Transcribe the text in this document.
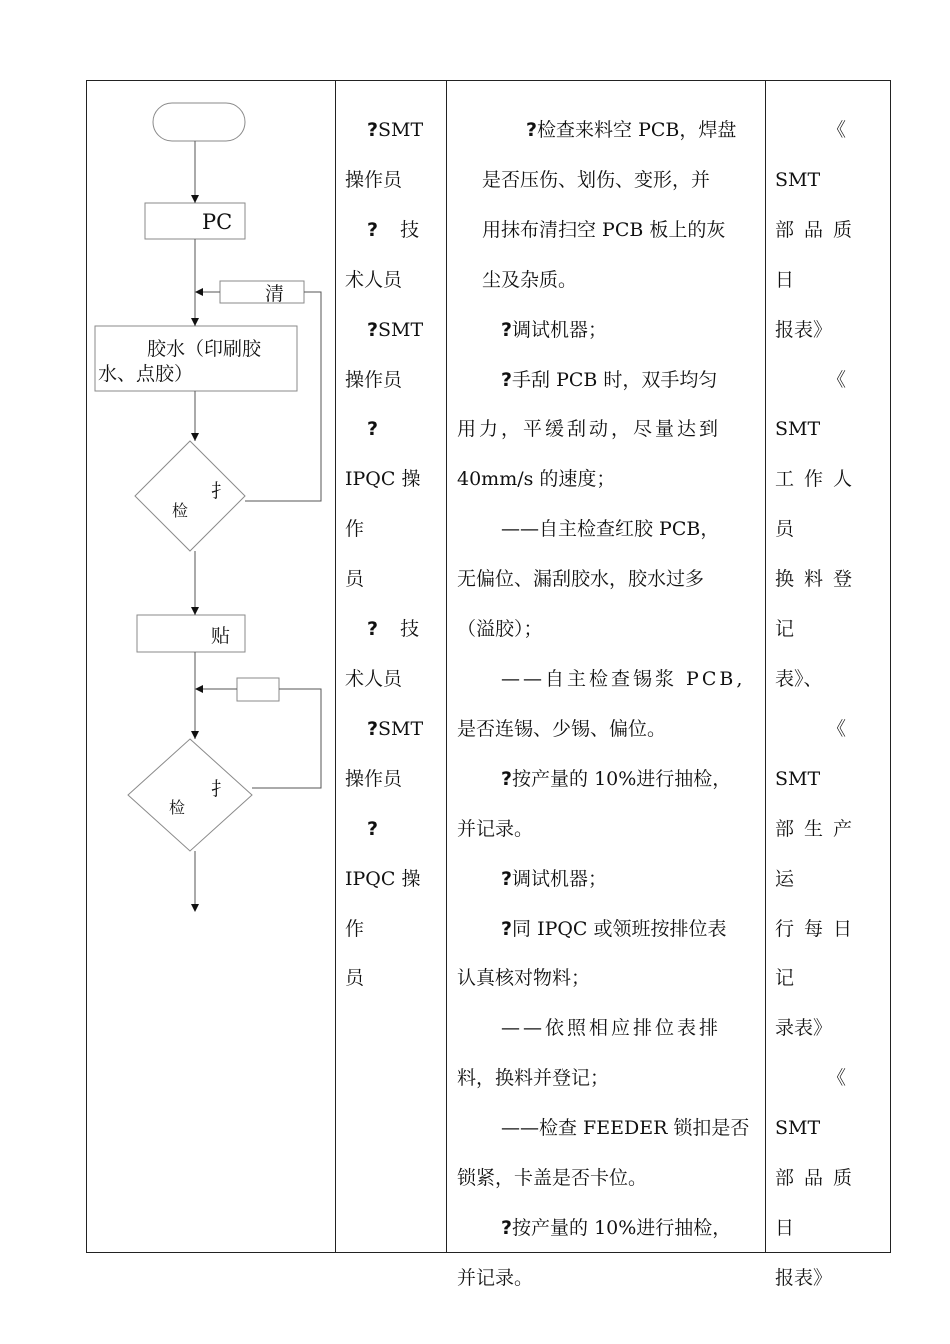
PC
清
胶水（印刷胶
水、点胶）
扌
检
贴
扌
检

?SMT

操作员

? 技

术人员

?SMT

操作员

?

IPQC 操作

员

? 技

术人员

?SMT

操作员

?

IPQC 操作

员

?检查来料空 PCB，焊盘

是否压伤、划伤、变形，并

用抹布清扫空 PCB 板上的灰

尘及杂质。

?调试机器；

?手刮 PCB 时，双手均匀

用力，平缓刮动，尽量达到

40mm/s 的速度；

——自主检查红胶 PCB，

无偏位、漏刮胶水，胶水过多

（溢胶）；

——自主检查锡浆 PCB,

是否连锡、少锡、偏位。

?按产量的 10%进行抽检，

并记录。

?调试机器；

?同 IPQC 或领班按排位表

认真核对物料；

——依照相应排位表排

料，换料并登记；

——检查 FEEDER 锁扣是否

锁紧，卡盖是否卡位。

?按产量的 10%进行抽检，

并记录。

《 SMT

部品质日

报表》

《 SMT

工作人员

换料登记

表》、

《 SMT

部生产运

行每日记

录表》

《 SMT

部品质日

报表》
